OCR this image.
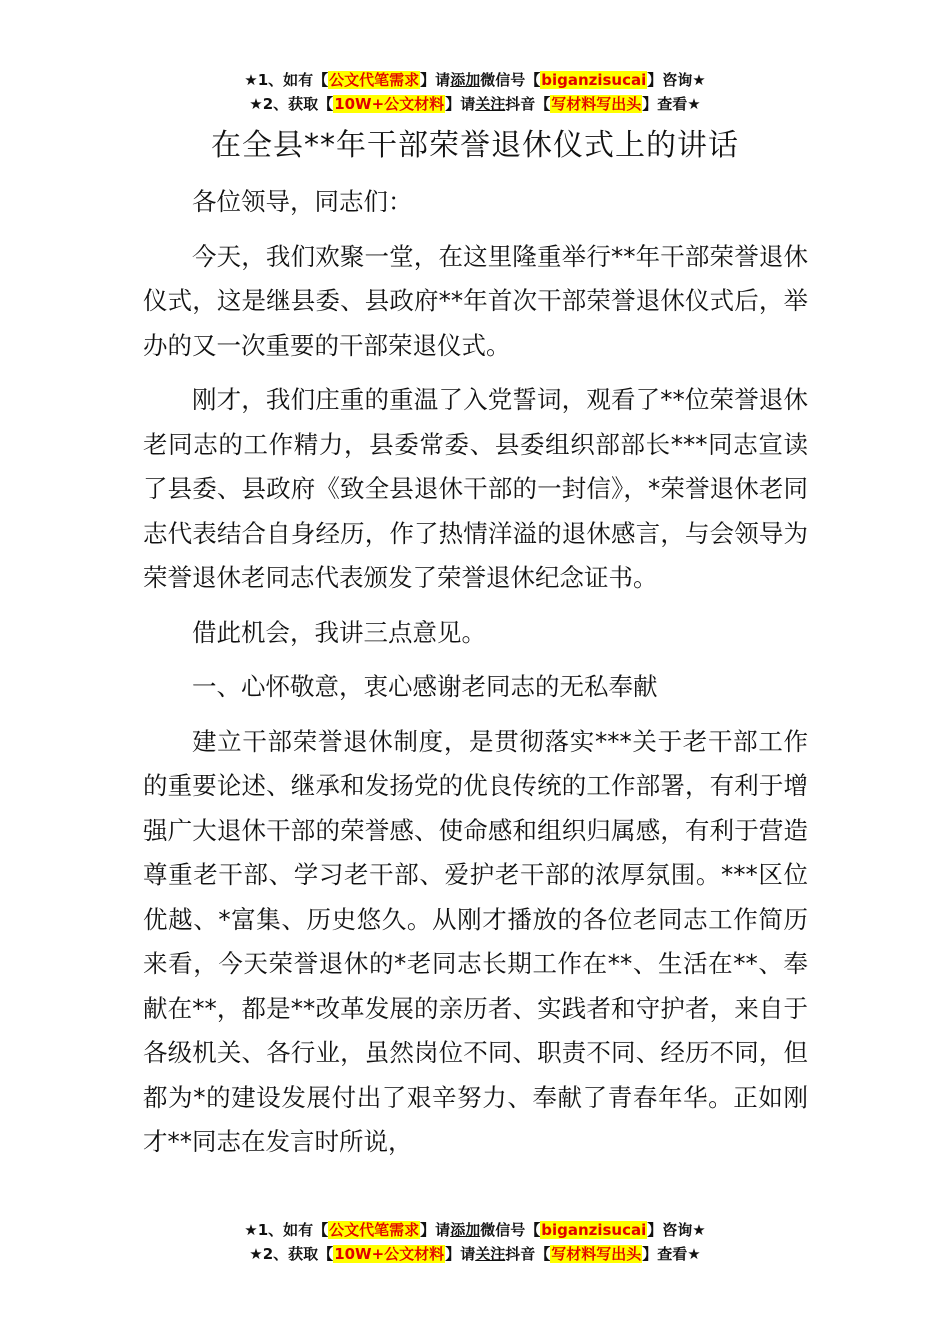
★1、如有【公文代笔需求】请添加微信号【biganzisucai】咨询★
★2、获取【10W+公文材料】请关注抖音【写材料写出头】查看★
在全县**年干部荣誉退休仪式上的讲话

各位领导，同志们：

今天，我们欢聚一堂，在这里隆重举行**年干部荣誉退休仪式，这是继县委、县政府**年首次干部荣誉退休仪式后，举办的又一次重要的干部荣退仪式。

刚才，我们庄重的重温了入党誓词，观看了**位荣誉退休老同志的工作精力，县委常委、县委组织部部长***同志宣读了县委、县政府《致全县退休干部的一封信》，*荣誉退休老同志代表结合自身经历，作了热情洋溢的退休感言，与会领导为荣誉退休老同志代表颁发了荣誉退休纪念证书。

借此机会，我讲三点意见。

一、心怀敬意，衷心感谢老同志的无私奉献

建立干部荣誉退休制度，是贯彻落实***关于老干部工作的重要论述、继承和发扬党的优良传统的工作部署，有利于增强广大退休干部的荣誉感、使命感和组织归属感，有利于营造尊重老干部、学习老干部、爱护老干部的浓厚氛围。***区位优越、*富集、历史悠久。从刚才播放的各位老同志工作简历来看，今天荣誉退休的*老同志长期工作在**、生活在**、奉献在**，都是**改革发展的亲历者、实践者和守护者，来自于各级机关、各行业，虽然岗位不同、职责不同、经历不同，但都为*的建设发展付出了艰辛努力、奉献了青春年华。正如刚才**同志在发言时所说，

★1、如有【公文代笔需求】请添加微信号【biganzisucai】咨询★
★2、获取【10W+公文材料】请关注抖音【写材料写出头】查看★
